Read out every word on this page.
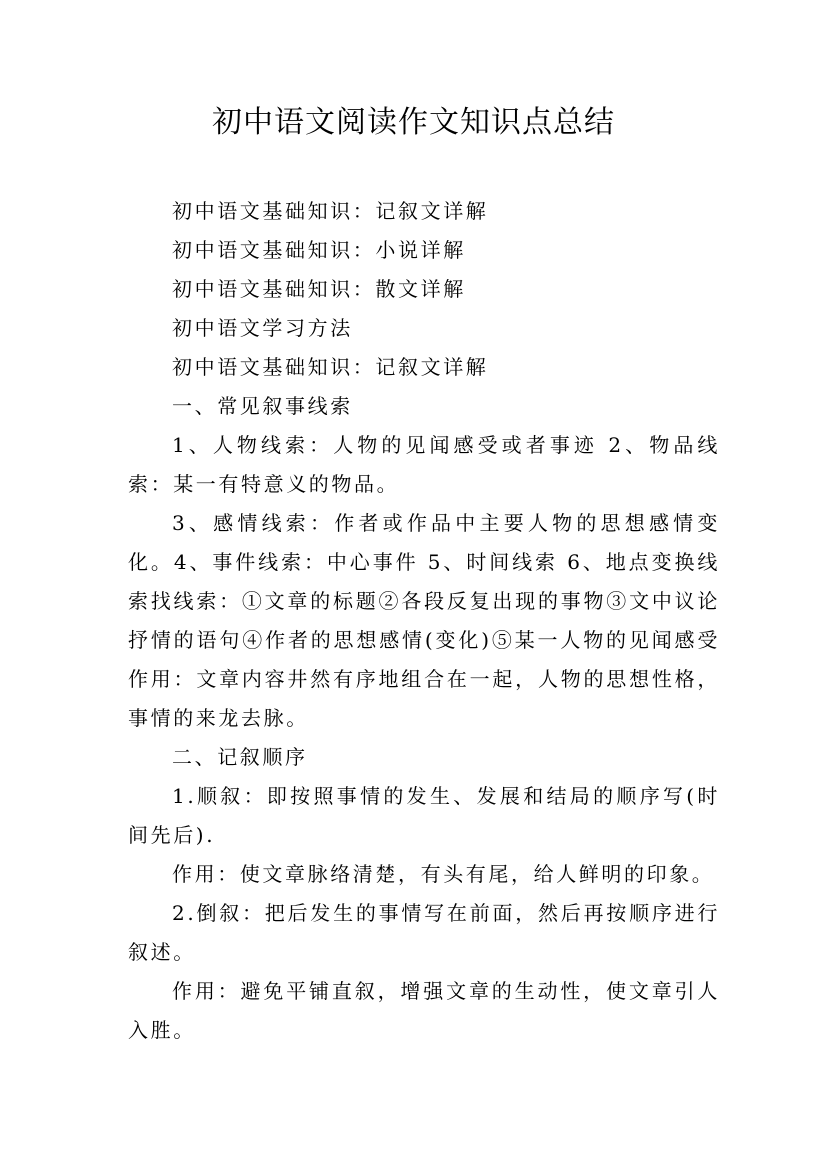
初中语文阅读作文知识点总结

初中语文基础知识：记叙文详解

初中语文基础知识：小说详解

初中语文基础知识：散文详解

初中语文学习方法

初中语文基础知识：记叙文详解

一、常见叙事线索

1、人物线索：人物的见闻感受或者事迹 2、物品线索：某一有特意义的物品。

3、感情线索：作者或作品中主要人物的思想感情变化。4、事件线索：中心事件 5、时间线索 6、地点变换线索找线索：①文章的标题②各段反复出现的事物③文中议论抒情的语句④作者的思想感情(变化)⑤某一人物的见闻感受作用：文章内容井然有序地组合在一起，人物的思想性格，事情的来龙去脉。

二、记叙顺序

1.顺叙：即按照事情的发生、发展和结局的顺序写(时间先后).

作用：使文章脉络清楚，有头有尾，给人鲜明的印象。

2.倒叙：把后发生的事情写在前面，然后再按顺序进行叙述。

作用：避免平铺直叙，增强文章的生动性，使文章引人入胜。
